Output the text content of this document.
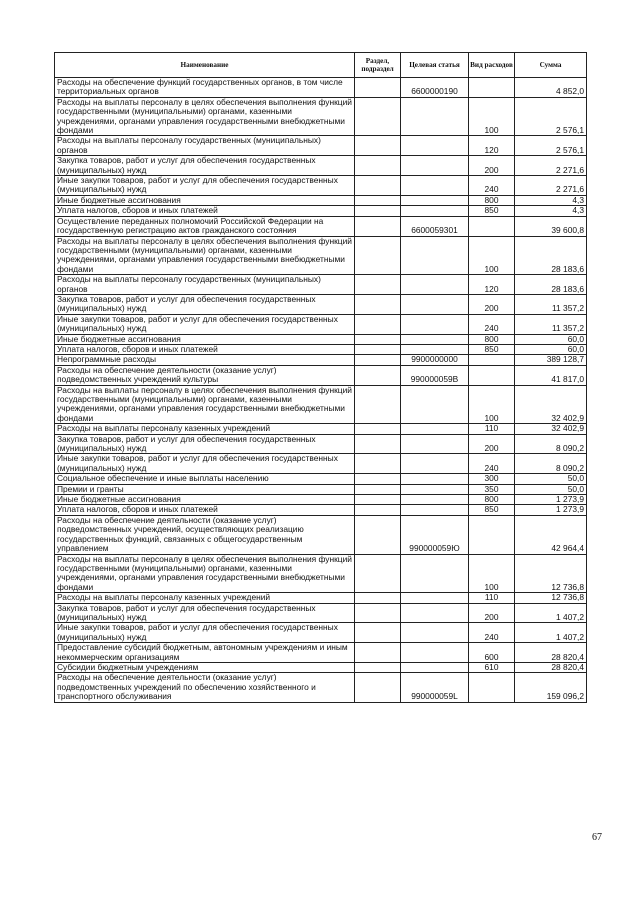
Наименование	Раздел, подраздел	Целевая статья	Вид расходов	Сумма
Расходы на обеспечение функций государственных органов, в том числе территориальных органов		6600000190		4 852,0
Расходы на выплаты персоналу в целях обеспечения выполнения функций государственными (муниципальными) органами, казенными учреждениями, органами управления государственными внебюджетными фондами			100	2 576,1
Расходы на выплаты персоналу государственных (муниципальных) органов			120	2 576,1
Закупка товаров, работ и услуг для обеспечения государственных (муниципальных) нужд			200	2 271,6
Иные закупки товаров, работ и услуг для обеспечения государственных (муниципальных) нужд			240	2 271,6
Иные бюджетные ассигнования			800	4,3
Уплата налогов, сборов и иных платежей			850	4,3
Осуществление переданных полномочий Российской Федерации на государственную регистрацию актов гражданского состояния		6600059301		39 600,8
Расходы на выплаты персоналу в целях обеспечения выполнения функций государственными (муниципальными) органами, казенными учреждениями, органами управления государственными внебюджетными фондами			100	28 183,6
Расходы на выплаты персоналу государственных (муниципальных) органов			120	28 183,6
Закупка товаров, работ и услуг для обеспечения государственных (муниципальных) нужд			200	11 357,2
Иные закупки товаров, работ и услуг для обеспечения государственных (муниципальных) нужд			240	11 357,2
Иные бюджетные ассигнования			800	60,0
Уплата налогов, сборов и иных платежей			850	60,0
Непрограммные расходы		9900000000		389 128,7
Расходы на обеспечение деятельности (оказание услуг) подведомственных учреждений культуры		990000059В		41 817,0
Расходы на выплаты персоналу в целях обеспечения выполнения функций государственными (муниципальными) органами, казенными учреждениями, органами управления государственными внебюджетными фондами			100	32 402,9
Расходы на выплаты персоналу казенных учреждений			110	32 402,9
Закупка товаров, работ и услуг для обеспечения государственных (муниципальных) нужд			200	8 090,2
Иные закупки товаров, работ и услуг для обеспечения государственных (муниципальных) нужд			240	8 090,2
Социальное обеспечение и иные выплаты населению			300	50,0
Премии и гранты			350	50,0
Иные бюджетные ассигнования			800	1 273,9
Уплата налогов, сборов и иных платежей			850	1 273,9
Расходы на обеспечение деятельности (оказание услуг) подведомственных учреждений, осуществляющих реализацию государственных функций, связанных с общегосударственным управлением		990000059Ю		42 964,4
Расходы на выплаты персоналу в целях обеспечения выполнения функций государственными (муниципальными) органами, казенными учреждениями, органами управления государственными внебюджетными фондами			100	12 736,8
Расходы на выплаты персоналу казенных учреждений			110	12 736,8
Закупка товаров, работ и услуг для обеспечения государственных (муниципальных) нужд			200	1 407,2
Иные закупки товаров, работ и услуг для обеспечения государственных (муниципальных) нужд			240	1 407,2
Предоставление субсидий бюджетным, автономным учреждениям и иным некоммерческим организациям			600	28 820,4
Субсидии бюджетным учреждениям			610	28 820,4
Расходы на обеспечение деятельности (оказание услуг) подведомственных учреждений по обеспечению хозяйственного и транспортного обслуживания		990000059L		159 096,2
67
